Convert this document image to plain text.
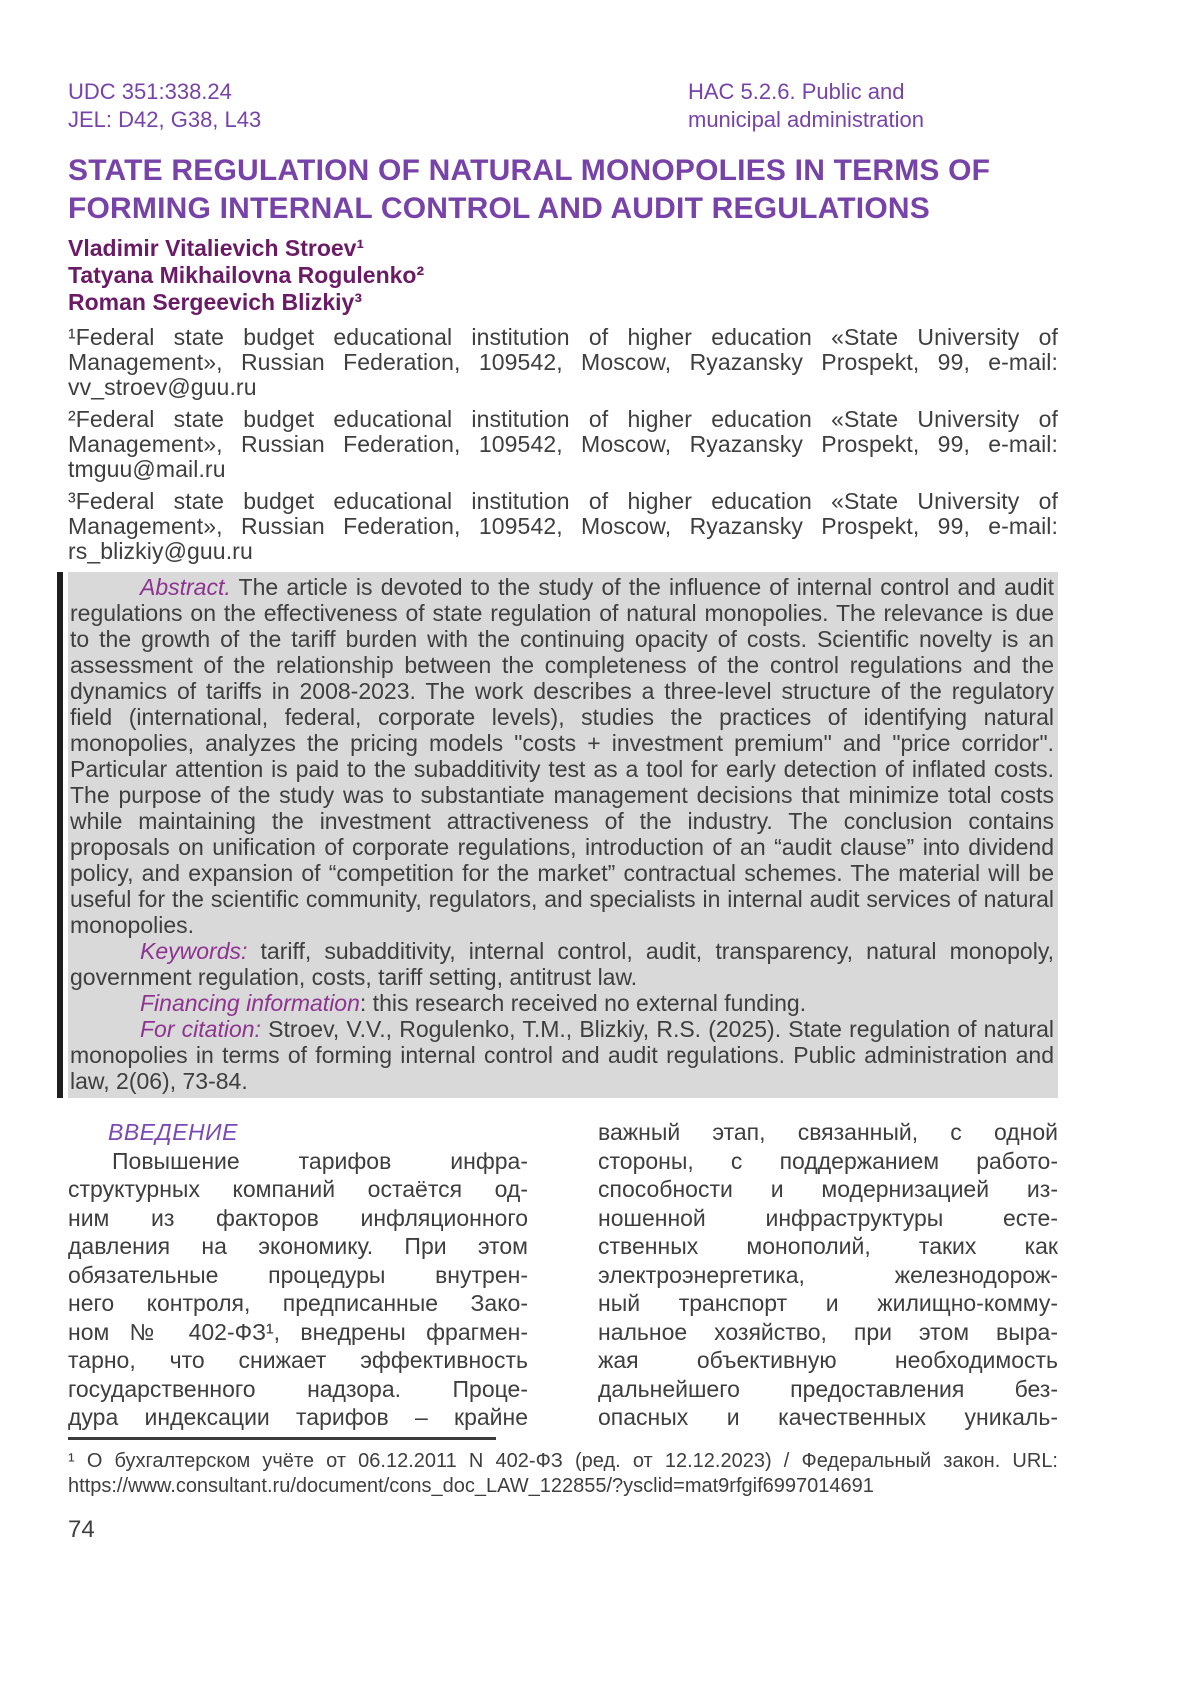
UDC 351:338.24
JEL: D42, G38, L43
HAC 5.2.6. Public and
municipal administration
STATE REGULATION OF NATURAL MONOPOLIES IN TERMS OF FORMING INTERNAL CONTROL AND AUDIT REGULATIONS
Vladimir Vitalievich Stroev¹
Tatyana Mikhailovna Rogulenko²
Roman Sergeevich Blizkiy³

¹Federal state budget educational institution of higher education «State University of Management», Russian Federation, 109542, Moscow, Ryazansky Prospekt, 99, e-mail: vv_stroev@guu.ru

²Federal state budget educational institution of higher education «State University of Management», Russian Federation, 109542, Moscow, Ryazansky Prospekt, 99, e-mail: tmguu@mail.ru

³Federal state budget educational institution of higher education «State University of Management», Russian Federation, 109542, Moscow, Ryazansky Prospekt, 99, e-mail: rs_blizkiy@guu.ru

Abstract. The article is devoted to the study of the influence of internal control and audit regulations on the effectiveness of state regulation of natural monopolies. The relevance is due to the growth of the tariff burden with the continuing opacity of costs. Scientific novelty is an assessment of the relationship between the completeness of the control regulations and the dynamics of tariffs in 2008-2023. The work describes a three-level structure of the regulatory field (international, federal, corporate levels), studies the practices of identifying natural monopolies, analyzes the pricing models "costs + investment premium" and "price corridor". Particular attention is paid to the subadditivity test as a tool for early detection of inflated costs. The purpose of the study was to substantiate management decisions that minimize total costs while maintaining the investment attractiveness of the industry. The conclusion contains proposals on unification of corporate regulations, introduction of an “audit clause” into dividend policy, and expansion of “competition for the market” contractual schemes. The material will be useful for the scientific community, regulators, and specialists in internal audit services of natural monopolies.

Keywords: tariff, subadditivity, internal control, audit, transparency, natural monopoly, government regulation, costs, tariff setting, antitrust law.

Financing information: this research received no external funding.

For citation: Stroev, V.V., Rogulenko, T.M., Blizkiy, R.S. (2025). State regulation of natural monopolies in terms of forming internal control and audit regulations. Public administration and law, 2(06), 73-84.

ВВЕДЕНИЕ
Повышение тарифов инфра-
структурных компаний остаётся од-
ним из факторов инфляционного
давления на экономику. При этом
обязательные процедуры внутрен-
него контроля, предписанные Зако-
ном № 402-ФЗ¹, внедрены фрагмен-
тарно, что снижает эффективность
государственного надзора. Проце-
дура индексации тарифов – крайне
важный этап, связанный, с одной
стороны, с поддержанием работо-
способности и модернизацией из-
ношенной инфраструктуры есте-
ственных монополий, таких как
электроэнергетика, железнодорож-
ный транспорт и жилищно-комму-
нальное хозяйство, при этом выра-
жая объективную необходимость
дальнейшего предоставления без-
опасных и качественных уникаль-

¹ О бухгалтерском учёте от 06.12.2011 N 402-ФЗ (ред. от 12.12.2023) / Федеральный закон. URL: https://www.consultant.ru/document/cons_doc_LAW_122855/?ysclid=mat9rfgif6997014691

74
